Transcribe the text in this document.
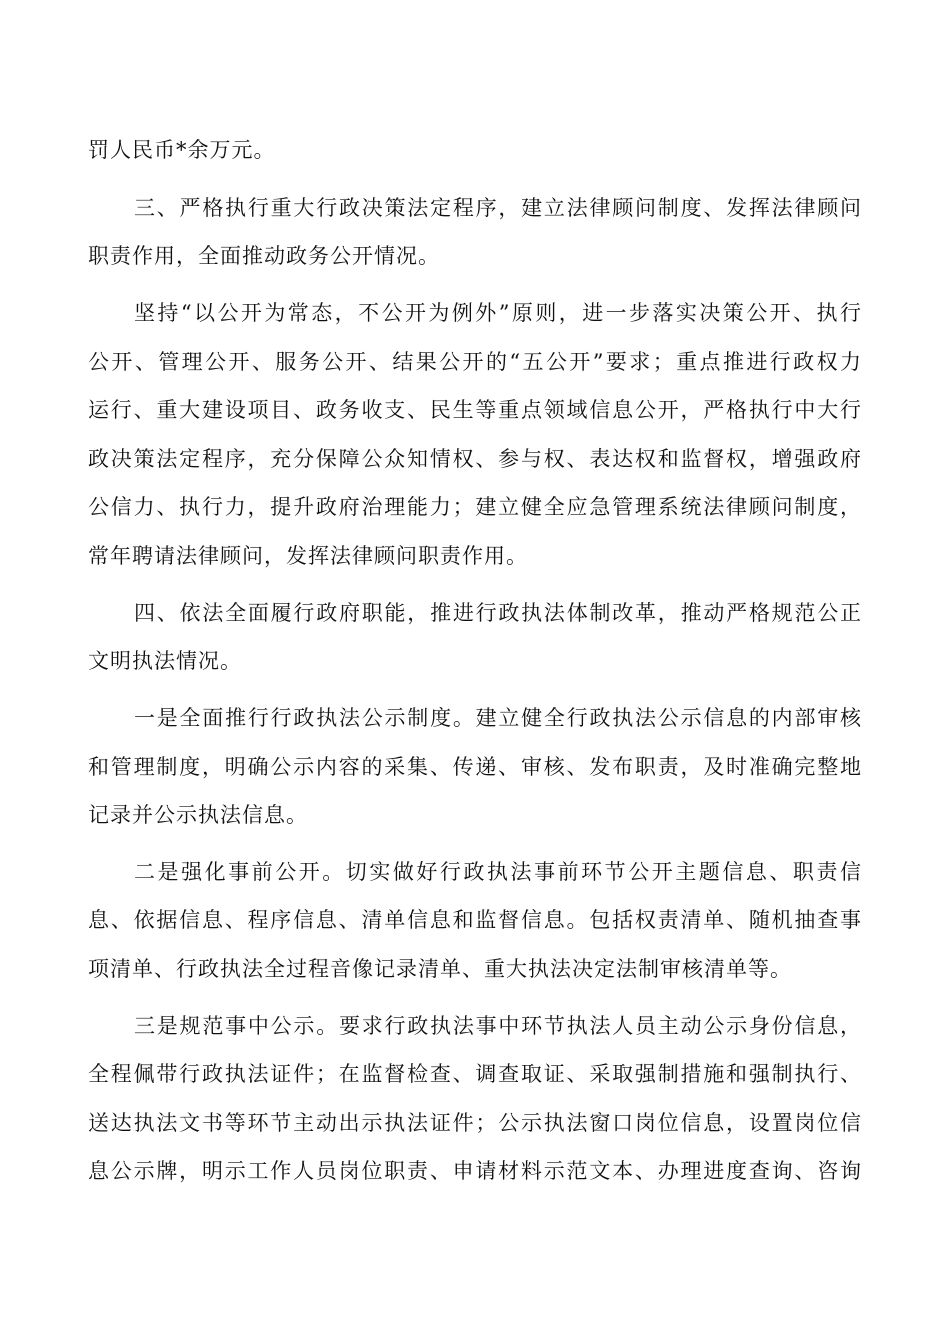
罚人民币*余万元。
三、严格执行重大行政决策法定程序，建立法律顾问制度、发挥法律顾问
职责作用，全面推动政务公开情况。
坚持“以公开为常态，不公开为例外”原则，进一步落实决策公开、执行
公开、管理公开、服务公开、结果公开的“五公开”要求；重点推进行政权力
运行、重大建设项目、政务收支、民生等重点领域信息公开，严格执行中大行
政决策法定程序，充分保障公众知情权、参与权、表达权和监督权，增强政府
公信力、执行力，提升政府治理能力；建立健全应急管理系统法律顾问制度，
常年聘请法律顾问，发挥法律顾问职责作用。
四、依法全面履行政府职能，推进行政执法体制改革，推动严格规范公正
文明执法情况。
一是全面推行行政执法公示制度。建立健全行政执法公示信息的内部审核
和管理制度，明确公示内容的采集、传递、审核、发布职责，及时准确完整地
记录并公示执法信息。
二是强化事前公开。切实做好行政执法事前环节公开主题信息、职责信
息、依据信息、程序信息、清单信息和监督信息。包括权责清单、随机抽查事
项清单、行政执法全过程音像记录清单、重大执法决定法制审核清单等。
三是规范事中公示。要求行政执法事中环节执法人员主动公示身份信息，
全程佩带行政执法证件；在监督检查、调查取证、采取强制措施和强制执行、
送达执法文书等环节主动出示执法证件；公示执法窗口岗位信息，设置岗位信
息公示牌，明示工作人员岗位职责、申请材料示范文本、办理进度查询、咨询
